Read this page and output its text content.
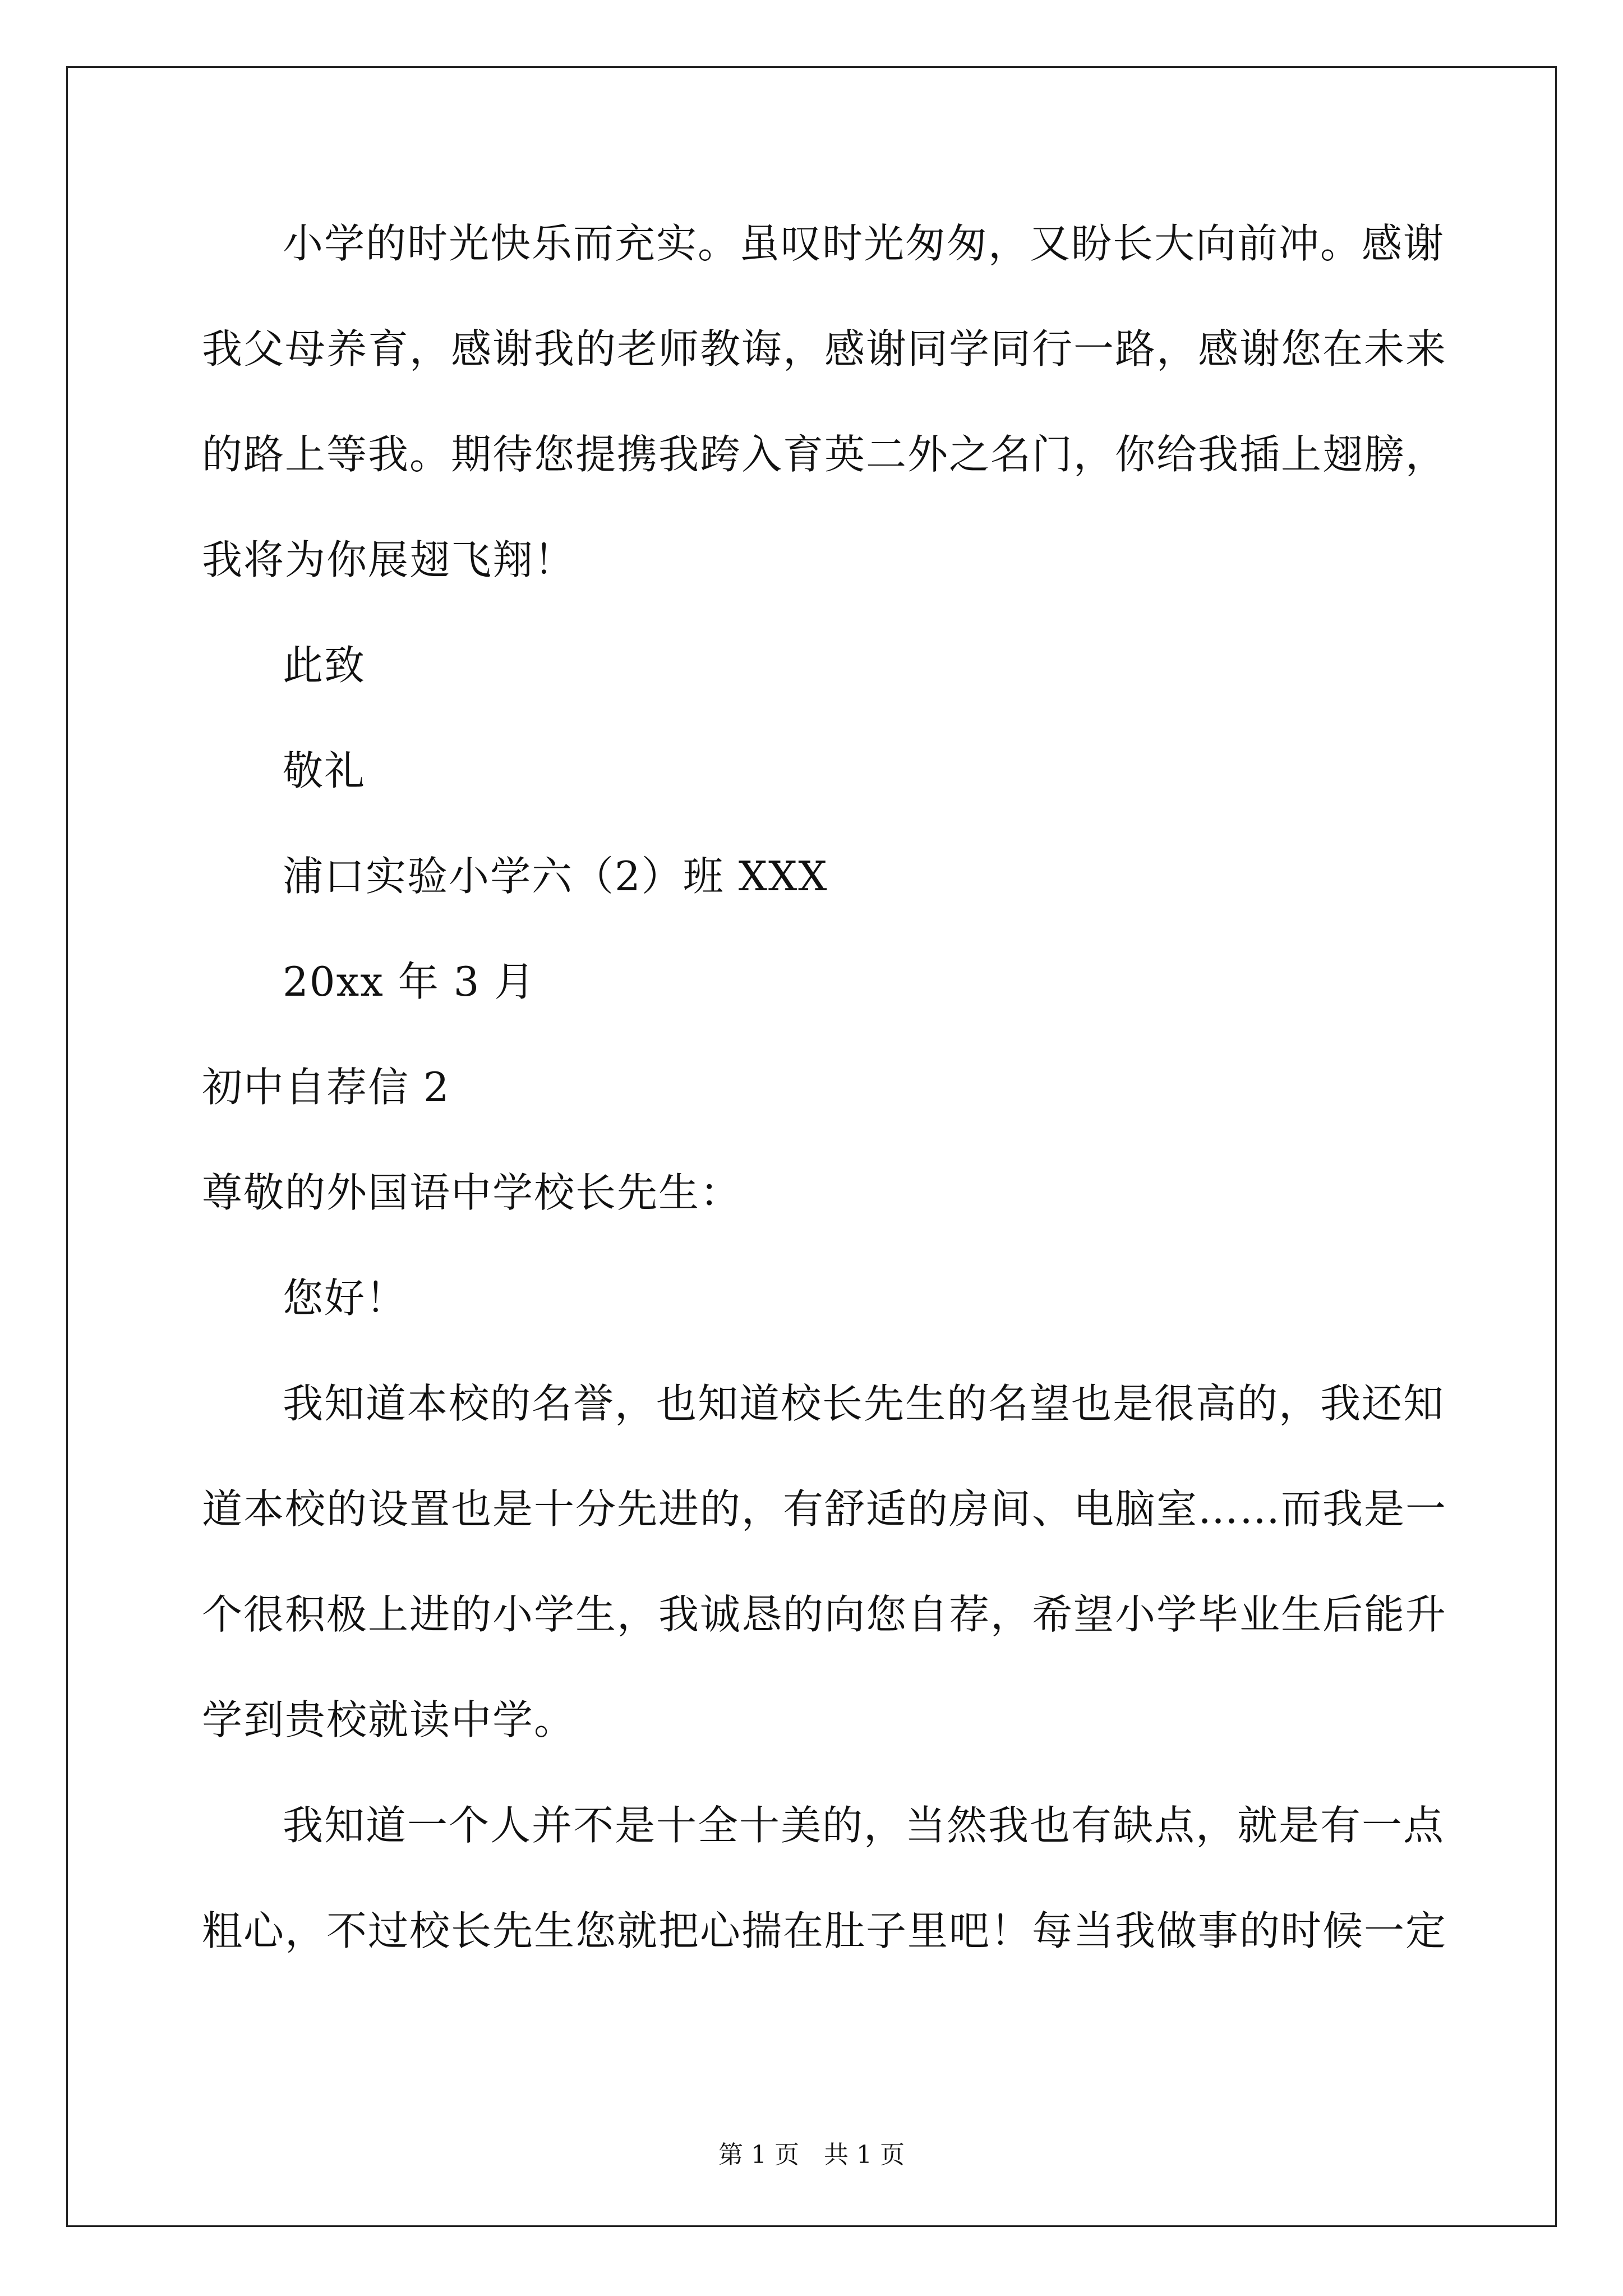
小学的时光快乐而充实。虽叹时光匆匆，又盼长大向前冲。感谢
我父母养育，感谢我的老师教诲，感谢同学同行一路，感谢您在未来
的路上等我。期待您提携我跨入育英二外之名门，你给我插上翅膀，
我将为你展翅飞翔！
此致
敬礼
浦口实验小学六（2）班 XXX
20xx 年 3 月
初中自荐信 2
尊敬的外国语中学校长先生：
您好！
我知道本校的名誉，也知道校长先生的名望也是很高的，我还知
道本校的设置也是十分先进的，有舒适的房间、电脑室……而我是一
个很积极上进的小学生，我诚恳的向您自荐，希望小学毕业生后能升
学到贵校就读中学。
我知道一个人并不是十全十美的，当然我也有缺点，就是有一点
粗心，不过校长先生您就把心揣在肚子里吧！每当我做事的时候一定
第 1 页　共 1 页
